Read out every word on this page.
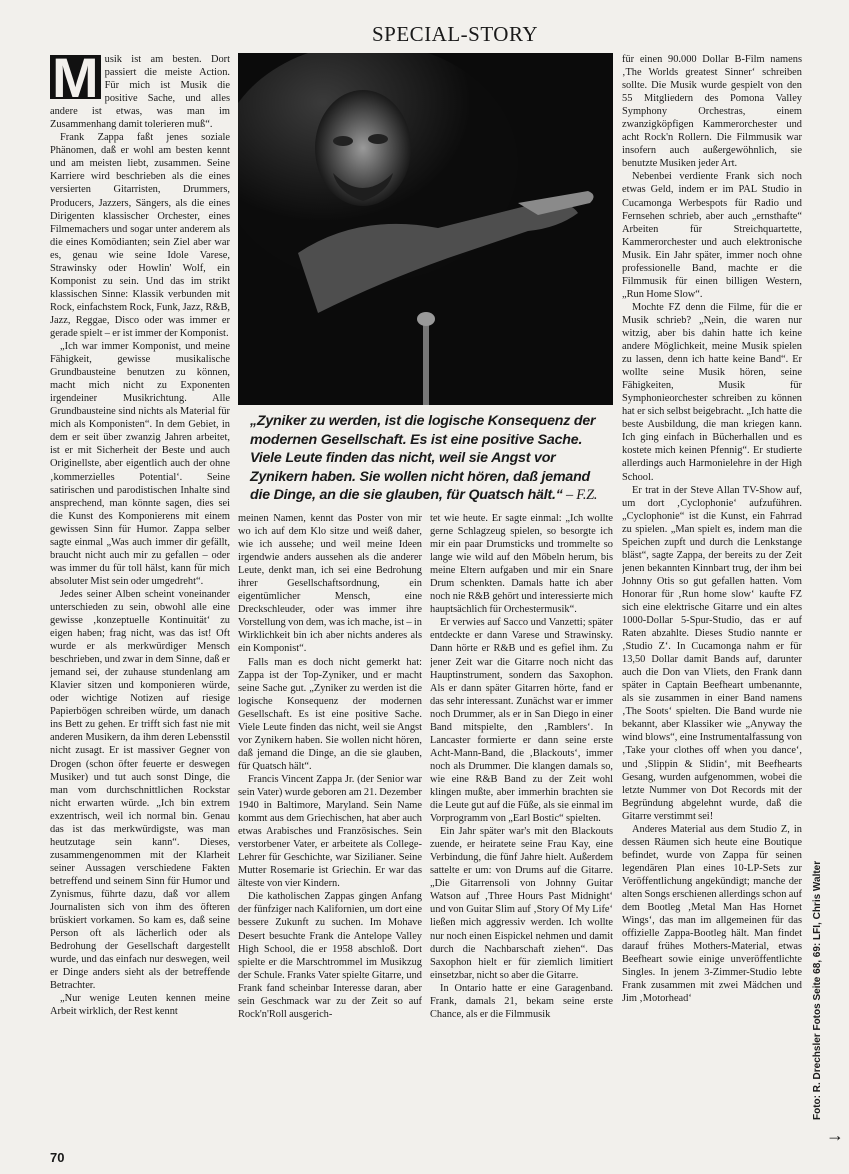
SPECIAL-STORY
M usik ist am besten. Dort passiert die meiste Action. Für mich ist Musik die positive Sache, und alles andere ist etwas, was man im Zusammenhang damit tolerieren muß“.

Frank Zappa faßt jenes soziale Phänomen, daß er wohl am besten kennt und am meisten liebt, zusammen. Seine Karriere wird beschrieben als die eines versierten Gitarristen, Drummers, Producers, Jazzers, Sängers, als die eines Dirigenten klassischer Orchester, eines Filmemachers und sogar unter anderem als die eines Komödianten; sein Ziel aber war es, genau wie seine Idole Varese, Strawinsky oder Howlin' Wolf, ein Komponist zu sein. Und das im strikt klassischen Sinne: Klassik verbunden mit Rock, einfachstem Rock, Funk, Jazz, R&B, Jazz, Reggae, Disco oder was immer er gerade spielt – er ist immer der Komponist.

„Ich war immer Komponist, und meine Fähigkeit, gewisse musikalische Grundbausteine benutzen zu können, macht mich nicht zu Exponenten irgendeiner Musikrichtung. Alle Grundbausteine sind nichts als Material für mich als Komponisten“. In dem Gebiet, in dem er seit über zwanzig Jahren arbeitet, ist er mit Sicherheit der Beste und auch Originellste, aber eigentlich auch der ohne ‚kommerzielles Potential‘. Seine satirischen und parodistischen Inhalte sind ansprechend, man könnte sagen, dies sei die Kunst des Komponierens mit einem gewissen Sinn für Humor. Zappa selber sagte einmal „Was auch immer dir gefällt, braucht nicht auch mir zu gefallen – oder was immer du für toll hälst, kann für mich absoluter Mist sein oder umgedreht“.

Jedes seiner Alben scheint voneinander unterschieden zu sein, obwohl alle eine gewisse ‚konzeptuelle Kontinuität‘ zu eigen haben; frag nicht, was das ist! Oft wurde er als merkwürdiger Mensch beschrieben, und zwar in dem Sinne, daß er jemand sei, der zuhause stundenlang am Klavier sitzen und komponieren würde, oder wichtige Notizen auf riesige Papierbögen schreiben würde, um danach ins Bett zu gehen. Er trifft sich fast nie mit anderen Musikern, da ihm deren Lebensstil nicht zusagt. Er ist massiver Gegner von Drogen (schon öfter feuerte er deswegen Musiker) und tut auch sonst Dinge, die man vom durchschnittlichen Rockstar nicht erwarten würde. „Ich bin extrem exzentrisch, weil ich normal bin. Genau das ist das merkwürdigste, was man heutzutage sein kann“. Dieses, zusammengenommen mit der Klarheit seiner Aussagen verschiedene Fakten betreffend und seinem Sinn für Humor und Zynismus, führte dazu, daß vor allem Journalisten sich von ihm des öfteren brüskiert vorkamen. So kam es, daß seine Person oft als lächerlich oder als Bedrohung der Gesellschaft dargestellt wurde, und das einfach nur deswegen, weil er Dinge anders sieht als der betreffende Betrachter.

„Nur wenige Leuten kennen meine Arbeit wirklich, der Rest kennt

„Zyniker zu werden, ist die logische Konsequenz der modernen Gesellschaft. Es ist eine positive Sache. Viele Leute finden das nicht, weil sie Angst vor Zynikern haben. Sie wollen nicht hören, daß jemand die Dinge, an die sie glauben, für Quatsch hält.“ – F.Z.

meinen Namen, kennt das Poster von mir wo ich auf dem Klo sitze und weiß daher, wie ich aussehe; und weil meine Ideen irgendwie anders aussehen als die anderer Leute, denkt man, ich sei eine Bedrohung ihrer Gesellschaftsordnung, ein eigentümlicher Mensch, eine Dreckschleuder, oder was immer ihre Vorstellung von dem, was ich mache, ist – in Wirklichkeit bin ich aber nichts anderes als ein Komponist“.

Falls man es doch nicht gemerkt hat: Zappa ist der Top-Zyniker, und er macht seine Sache gut. „Zyniker zu werden ist die logische Konsequenz der modernen Gesellschaft. Es ist eine positive Sache. Viele Leute finden das nicht, weil sie Angst vor Zynikern haben. Sie wollen nicht hören, daß jemand die Dinge, an die sie glauben, für Quatsch hält“.

Francis Vincent Zappa Jr. (der Senior war sein Vater) wurde geboren am 21. Dezember 1940 in Baltimore, Maryland. Sein Name kommt aus dem Griechischen, hat aber auch etwas Arabisches und Französisches. Sein verstorbener Vater, er arbeitete als College-Lehrer für Geschichte, war Sizilianer. Seine Mutter Rosemarie ist Griechin. Er war das älteste von vier Kindern.

Die katholischen Zappas gingen Anfang der fünfziger nach Kalifornien, um dort eine bessere Zukunft zu suchen. Im Mohave Desert besuchte Frank die Antelope Valley High School, die er 1958 abschloß. Dort spielte er die Marschtrommel im Musikzug der Schule. Franks Vater spielte Gitarre, und Frank fand scheinbar Interesse daran, aber sein Geschmack war zu der Zeit so auf Rock'n'Roll ausgerich-

tet wie heute. Er sagte einmal: „Ich wollte gerne Schlagzeug spielen, so besorgte ich mir ein paar Drumsticks und trommelte so lange wie wild auf den Möbeln herum, bis meine Eltern aufgaben und mir ein Snare Drum schenkten. Damals hatte ich aber noch nie R&B gehört und interessierte mich hauptsächlich für Orchestermusik“.

Er verwies auf Sacco und Vanzetti; später entdeckte er dann Varese und Strawinsky. Dann hörte er R&B und es gefiel ihm. Zu jener Zeit war die Gitarre noch nicht das Hauptinstrument, sondern das Saxophon. Als er dann später Gitarren hörte, fand er das sehr interessant. Zunächst war er immer noch Drummer, als er in San Diego in einer Band mitspielte, den ‚Ramblers‘. In Lancaster formierte er dann seine erste Acht-Mann-Band, die ‚Blackouts‘, immer noch als Drummer. Die klangen damals so, wie eine R&B Band zu der Zeit wohl klingen mußte, aber immerhin brachten sie die Leute gut auf die Füße, als sie einmal im Vorprogramm von „Earl Bostic“ spielten.

Ein Jahr später war's mit den Blackouts zuende, er heiratete seine Frau Kay, eine Verbindung, die fünf Jahre hielt. Außerdem sattelte er um: von Drums auf die Gitarre. „Die Gitarrensoli von Johnny Guitar Watson auf ‚Three Hours Past Midnight‘ und von Guitar Slim auf ‚Story Of My Life‘ ließen mich aggressiv werden. Ich wollte nur noch einen Eispickel nehmen und damit durch die Nachbarschaft ziehen“. Das Saxophon hielt er für ziemlich limitiert einsetzbar, nicht so aber die Gitarre.

In Ontario hatte er eine Garagenband. Frank, damals 21, bekam seine erste Chance, als er die Filmmusik

für einen 90.000 Dollar B-Film namens ‚The Worlds greatest Sinner‘ schreiben sollte. Die Musik wurde gespielt von den 55 Mitgliedern des Pomona Valley Symphony Orchestras, einem zwanzigköpfigen Kammerorchester und acht Rock'n Rollern. Die Filmmusik war insofern auch außergewöhnlich, sie benutzte Musiken jeder Art.

Nebenbei verdiente Frank sich noch etwas Geld, indem er im PAL Studio in Cucamonga Werbespots für Radio und Fernsehen schrieb, aber auch „ernsthafte“ Arbeiten für Streichquartette, Kammerorchester und auch elektronische Musik. Ein Jahr später, immer noch ohne professionelle Band, machte er die Filmmusik für einen billigen Western, „Run Home Slow“.

Mochte FZ denn die Filme, für die er Musik schrieb? „Nein, die waren nur witzig, aber bis dahin hatte ich keine andere Möglichkeit, meine Musik spielen zu lassen, denn ich hatte keine Band“. Er wollte seine Musik hören, seine Fähigkeiten, Musik für Symphonieorchester schreiben zu können hat er sich selbst beigebracht. „Ich hatte die beste Ausbildung, die man kriegen kann. Ich ging einfach in Bücherhallen und es kostete mich keinen Pfennig“. Er studierte allerdings auch Harmonielehre in der High School.

Er trat in der Steve Allan TV-Show auf, um dort ‚Cyclophonie‘ aufzuführen. „Cyclophonie“ ist die Kunst, ein Fahrrad zu spielen. „Man spielt es, indem man die Speichen zupft und durch die Lenkstange bläst“, sagte Zappa, der bereits zu der Zeit jenen bekannten Kinnbart trug, der ihm bei Johnny Otis so gut gefallen hatten. Vom Honorar für ‚Run home slow‘ kaufte FZ sich eine elektrische Gitarre und ein altes 1000-Dollar 5-Spur-Studio, das er auf Raten abzahlte. Dieses Studio nannte er ‚Studio Z‘. In Cucamonga nahm er für 13,50 Dollar damit Bands auf, darunter auch die Don van Vliets, den Frank dann später in Captain Beefheart umbenannte, als sie zusammen in einer Band namens ‚The Soots‘ spielten. Die Band wurde nie bekannt, aber Klassiker wie „Anyway the wind blows“, eine Instrumentalfassung von ‚Take your clothes off when you dance‘, und ‚Slippin & Slidin‘, mit Beefhearts Gesang, wurden aufgenommen, wobei die letzte Nummer von Dot Records mit der Begründung abgelehnt wurde, daß die Gitarre verstimmt sei!

Anderes Material aus dem Studio Z, in dessen Räumen sich heute eine Boutique befindet, wurde von Zappa für seinen legendären Plan eines 10-LP-Sets zur Veröffentlichung angekündigt; manche der alten Songs erschienen allerdings schon auf dem Bootleg ‚Metal Man Has Hornet Wings‘, das man im allgemeinen für das offizielle Zappa-Bootleg hält. Man findet darauf frühes Mothers-Material, etwas Beefheart sowie einige unveröffentlichte Singles. In jenem 3-Zimmer-Studio lebte Frank zusammen mit zwei Mädchen und Jim ‚Motorhead‘

70
Foto: R. Drechsler Fotos Seite 68, 69: LFI, Chris Walter
→
